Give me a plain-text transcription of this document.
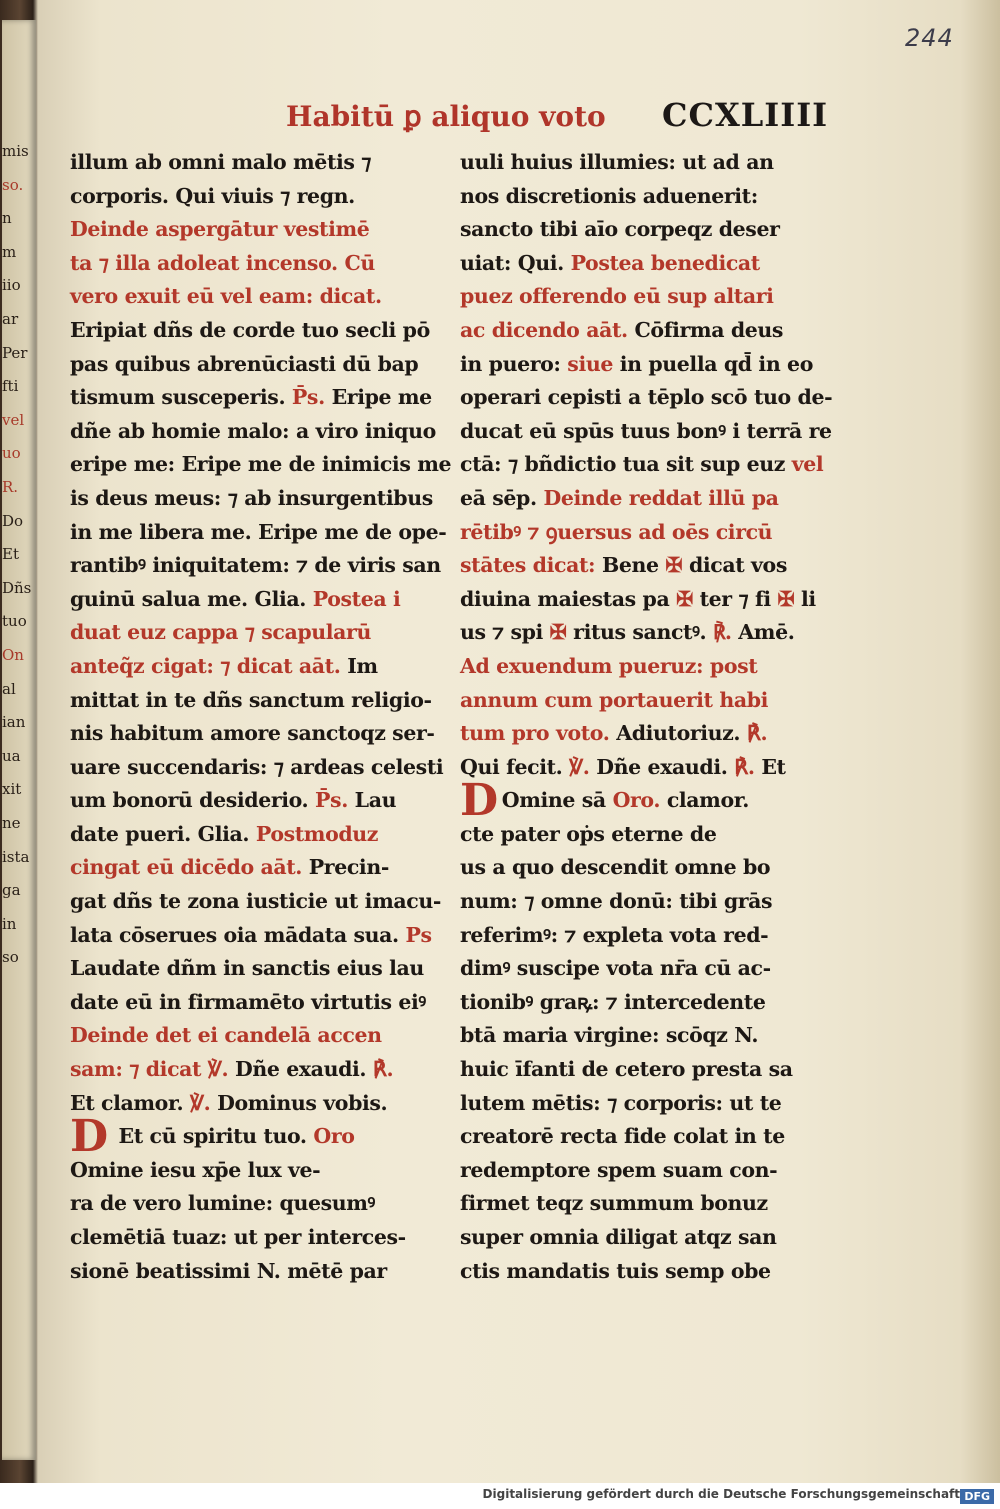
mis
so.
n
m
iio
ar
Per
fti
vel
uo
R.
Do
Et
Dñs
tuo
On
al
ian
ua
xit
ne
ista
ga
in
so
244
Habitū ꝑ aliquo voto CCXLIIII
illum ab omni malo mētis ⁊
corporis. Qui viuis ⁊ regn.
Deinde aspergātur vestimē
ta ⁊ illa adoleat incenso. Cū
vero exuit eū vel eam: dicat.
Eripiat dñs de corde tuo secli pō
pas quibus abrenūciasti dū bap
tismum susceperis. P̄s. Eripe me
dñe ab homie malo: a viro iniquo
eripe me: Eripe me de inimicis me
is deus meus: ⁊ ab insurgentibus
in me libera me. Eripe me de ope-
rantibꝰ iniquitatem: ⁊ de viris san
guinū salua me. Glia. Postea i
duat euz cappa ⁊ scapularū
anteq̃z cigat: ⁊ dicat aāt. Im
mittat in te dñs sanctum religio-
nis habitum amore sanctoqz ser-
uare succendaris: ⁊ ardeas celesti
um bonorū desiderio. P̄s. Lau
date pueri. Glia. Postmoduz
cingat eū dicēdo aāt. Precin-
gat dñs te zona iusticie ut imacu-
lata cōserues oia mādata sua. Ps
Laudate dñm in sanctis eius lau
date eū in firmamēto virtutis eiꝰ
Deinde det ei candelā accen
sam: ⁊ dicat ℣. Dñe exaudi. ℟.
Et clamor. ℣. Dominus vobis.
D Et cū spiritu tuo. Oro
Omine iesu xp̄e lux ve-
ra de vero lumine: quesumꝰ
clemētiā tuaz: ut per interces-
sionē beatissimi N. mētē par
uuli huius illumies: ut ad an
nos discretionis aduenerit:
sancto tibi aīo corpeqz deser
uiat: Qui. Postea benedicat
puez offerendo eū sup altari
ac dicendo aāt. Cōfirma deus
in puero: siue in puella qd̄ in eo
operari cepisti a tēplo scō tuo de-
ducat eū spūs tuus bonꝰ i terrā re
ctā: ⁊ bñdictio tua sit sup euz vel
eā sēp. Deinde reddat illū pa
rētibꝰ ⁊ ꝯuersus ad oēs circū
stātes dicat: Bene ✠ dicat vos
diuina maiestas pa ✠ ter ⁊ fi ✠ li
us ⁊ spi ✠ ritus sanctꝰ. ℟. Amē.
Ad exuendum pueruz: post
annum cum portauerit habi
tum pro voto. Adiutoriuz. ℟.
Qui fecit. ℣. Dñe exaudi. ℟. Et
D Omine sā Oro. clamor.
cte pater oṗs eterne de
us a quo descendit omne bo
num: ⁊ omne donū: tibi grās
referimꝰ: ⁊ expleta vota red-
dimꝰ suscipe vota nr̄a cū ac-
tionibꝰ graꝶ: ⁊ intercedente
btā maria virgine: scōqz N.
huic īfanti de cetero presta sa
lutem mētis: ⁊ corporis: ut te
creatorē recta fide colat in te
redemptore spem suam con-
firmet teqz summum bonuz
super omnia diligat atqz san
ctis mandatis tuis semp obe
Digitalisierung gefördert durch die Deutsche Forschungsgemeinschaft DFG
